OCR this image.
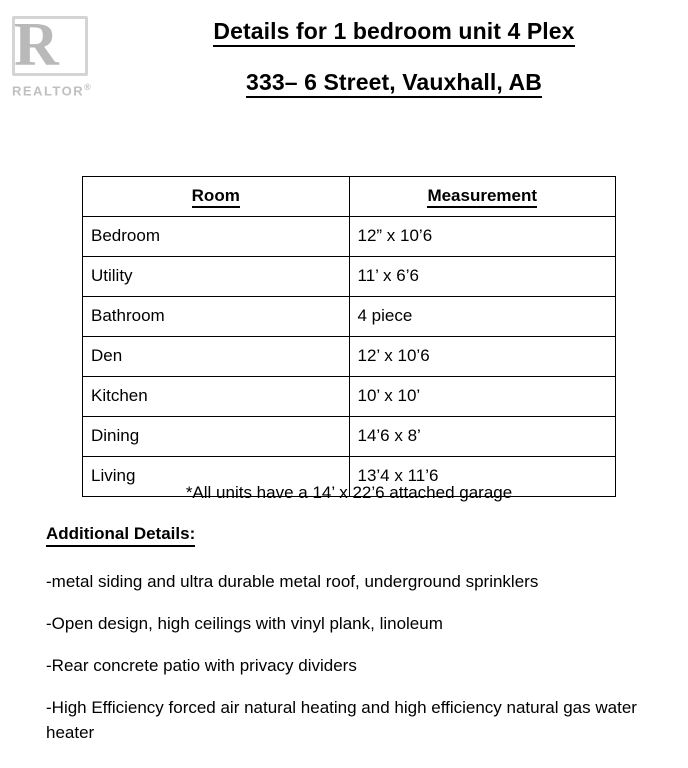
R
REALTOR®
Details for 1 bedroom unit 4 Plex
333– 6 Street, Vauxhall, AB
Room	Measurement
Bedroom	12” x 10’6
Utility	11’ x 6’6
Bathroom	4 piece
Den	12’ x 10’6
Kitchen	10’ x 10’
Dining	14’6 x 8’
Living	13’4 x 11’6
*All units have a 14’ x 22’6 attached garage
Additional Details:
-metal siding and ultra durable metal roof, underground sprinklers
-Open design, high ceilings with vinyl plank, linoleum
-Rear concrete patio with privacy dividers
-High Efficiency forced air natural heating and high efficiency natural gas water heater
